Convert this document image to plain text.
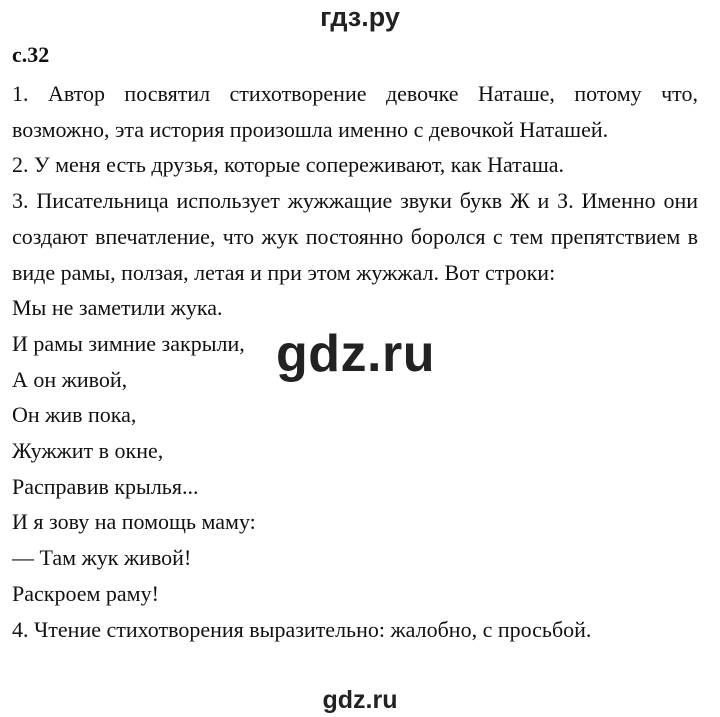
гдз.ру
с.32

1. Автор посвятил стихотворение девочке Наташе, потому что, возможно, эта история произошла именно с девочкой Наташей.

2. У меня есть друзья, которые сопереживают, как Наташа.

3. Писательница использует жужжащие звуки букв Ж и З. Именно они создают впечатление, что жук постоянно боролся с тем препятствием в виде рамы, ползая, летая и при этом жужжал. Вот строки:

Мы не заметили жука.

И рамы зимние закрыли,

А он живой,

Он жив пока,

Жужжит в окне,

Расправив крылья...

И я зову на помощь маму:

— Там жук живой!

Раскроем раму!

4. Чтение стихотворения выразительно: жалобно, с просьбой.

gdz.ru
gdz.ru
